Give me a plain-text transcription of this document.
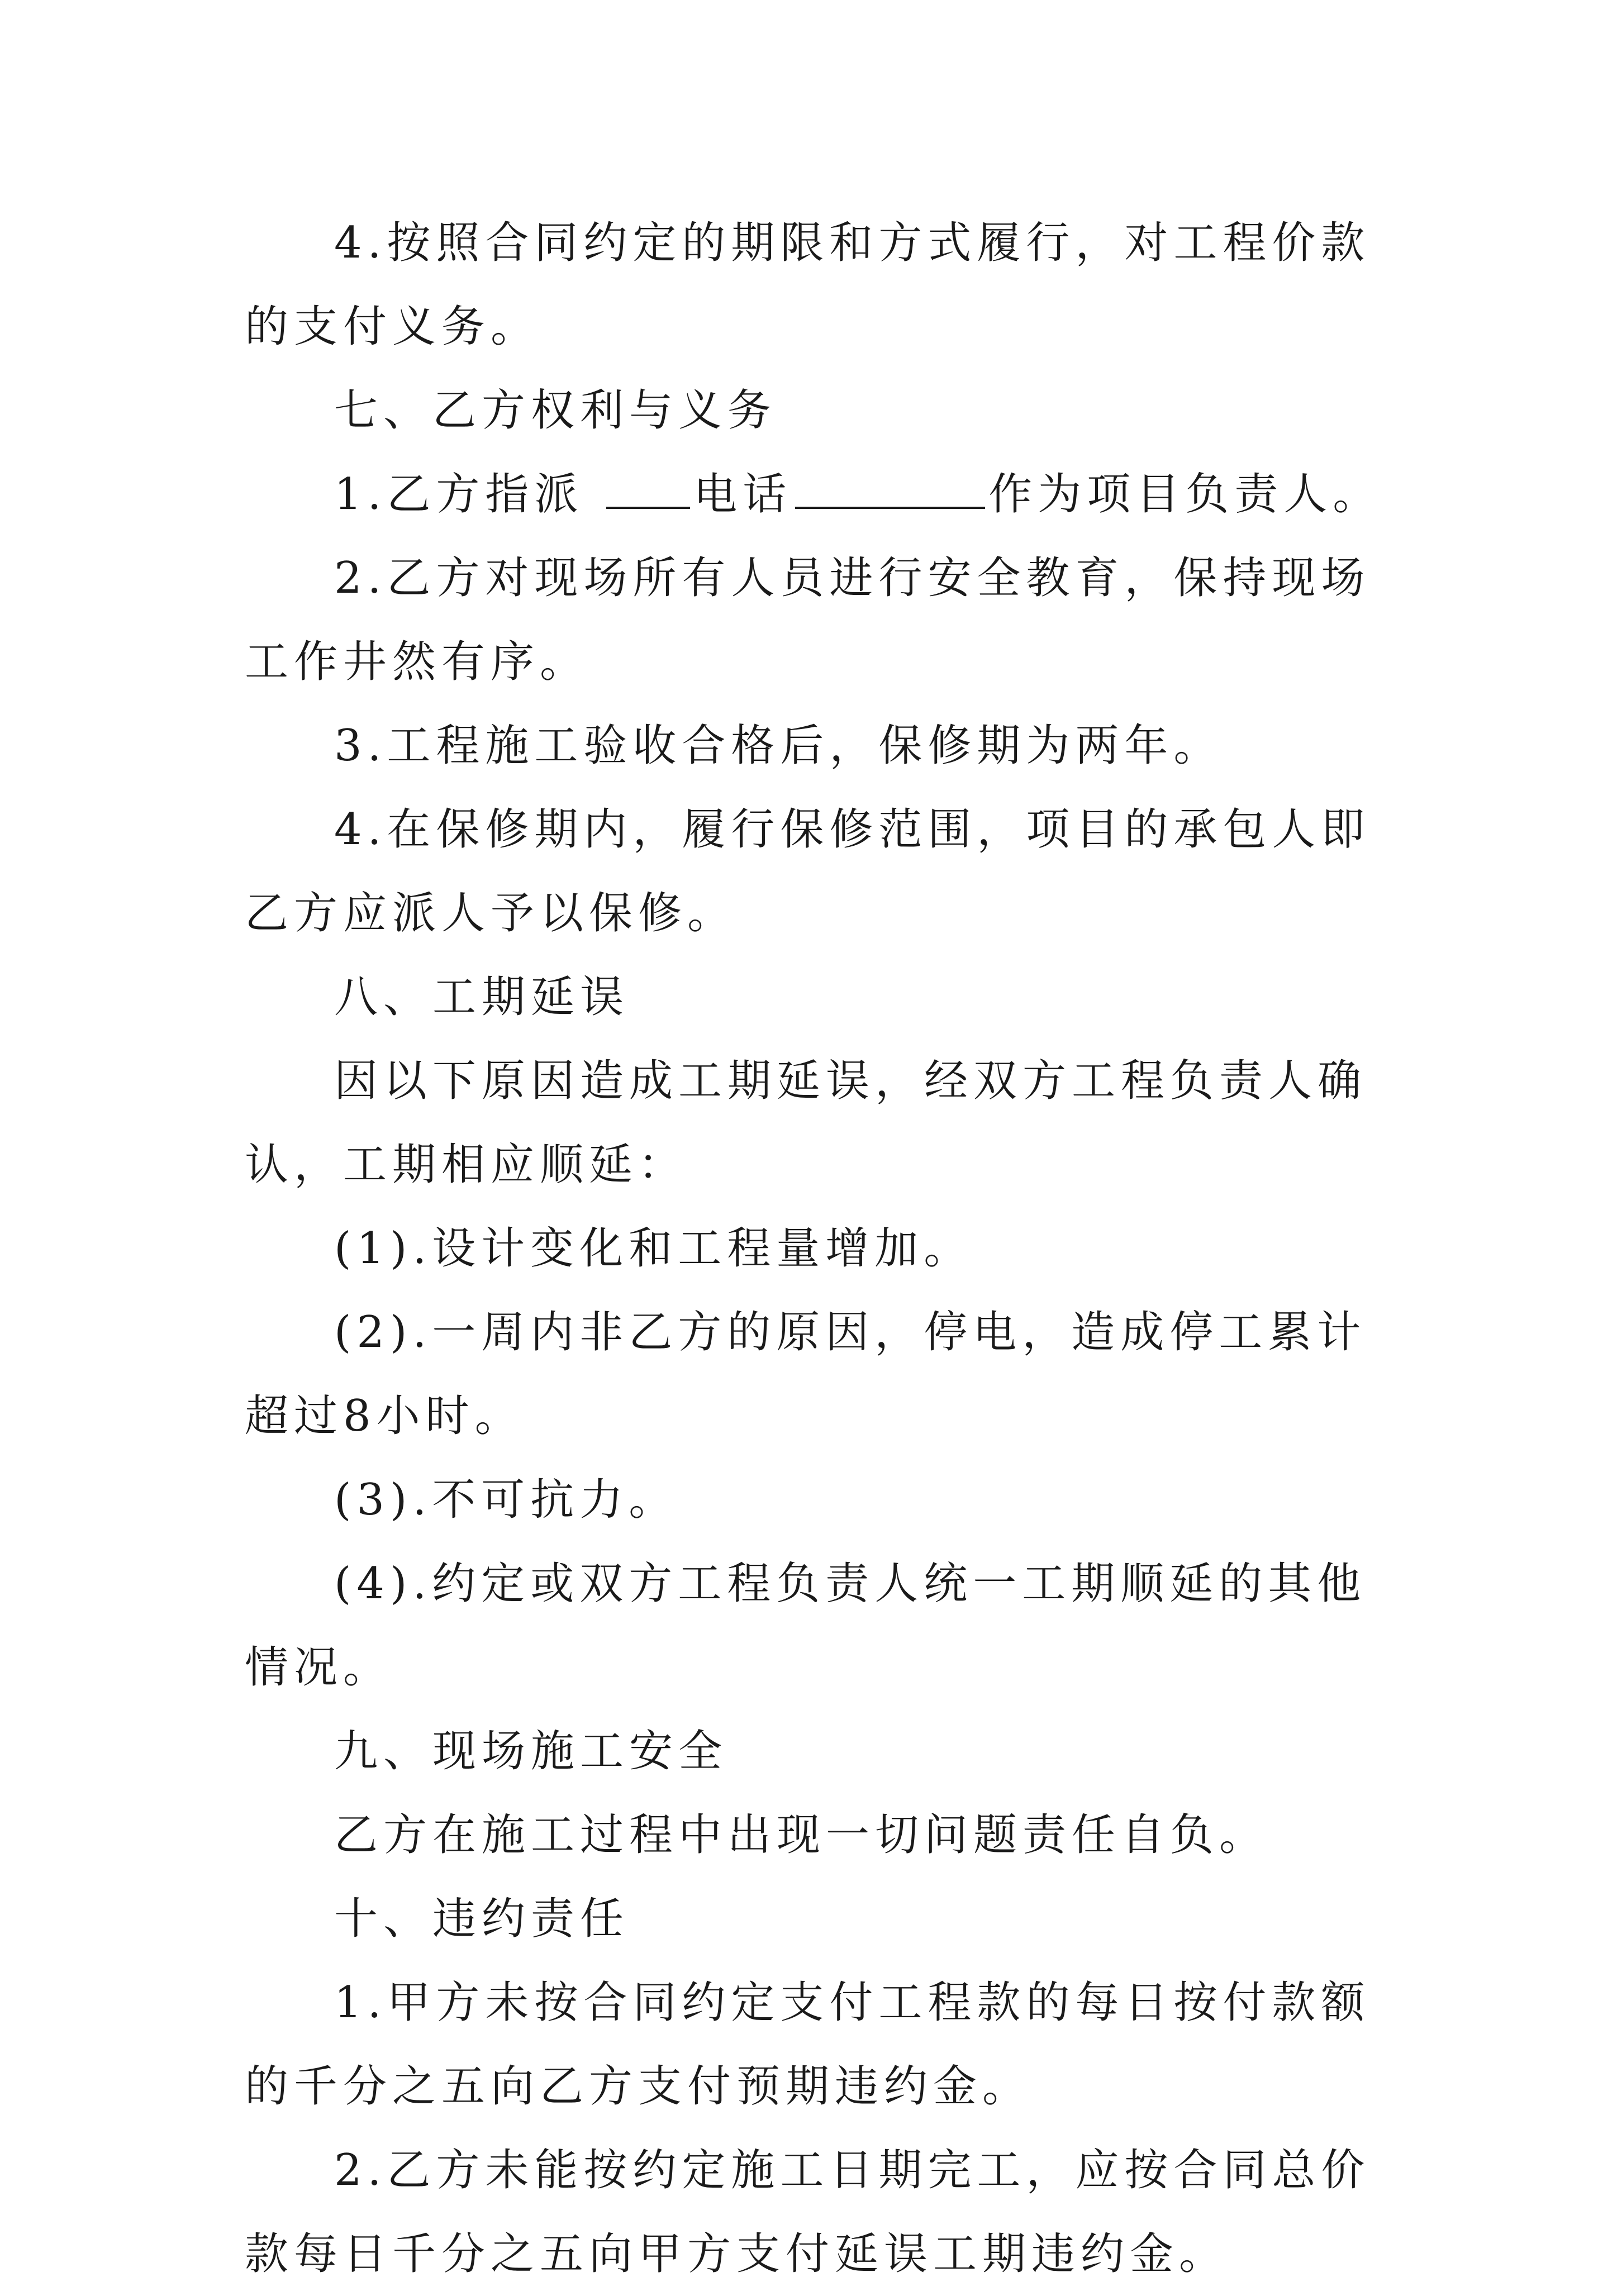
4.按照合同约定的期限和方式履行，对工程价款的支付义务。

七、乙方权利与义务

1.乙方指派 电话	作为项目负责人。

2.乙方对现场所有人员进行安全教育，保持现场工作井然有序。

3.工程施工验收合格后，保修期为两年。

4.在保修期内，履行保修范围，项目的承包人即乙方应派人予以保修。

八、工期延误

因以下原因造成工期延误，经双方工程负责人确认，工期相应顺延：

(1).设计变化和工程量增加。

(2).一周内非乙方的原因，停电，造成停工累计超过8小时。

(3).不可抗力。

(4).约定或双方工程负责人统一工期顺延的其他情况。

九、现场施工安全

乙方在施工过程中出现一切问题责任自负。

十、违约责任

1.甲方未按合同约定支付工程款的每日按付款额的千分之五向乙方支付预期违约金。

2.乙方未能按约定施工日期完工，应按合同总价款每日千分之五向甲方支付延误工期违约金。
